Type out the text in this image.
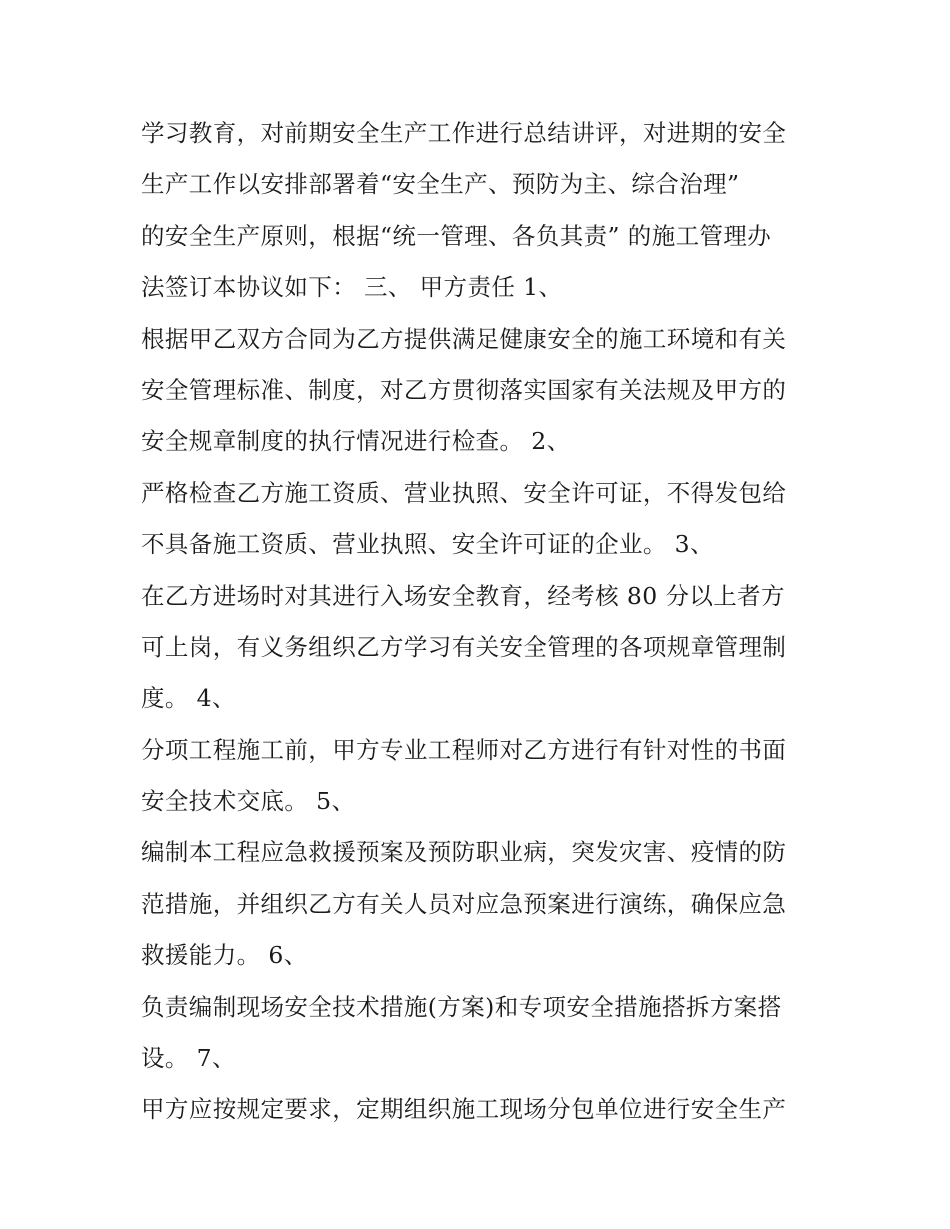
学习教育，对前期安全生产工作进行总结讲评，对进期的安全
生产工作以安排部署着“安全生产、预防为主、综合治理”
的安全生产原则，根据“统一管理、各负其责” 的施工管理办
法签订本协议如下： 三、 甲方责任 1、
根据甲乙双方合同为乙方提供满足健康安全的施工环境和有关
安全管理标准、制度，对乙方贯彻落实国家有关法规及甲方的
安全规章制度的执行情况进行检查。 2、
严格检查乙方施工资质、营业执照、安全许可证，不得发包给
不具备施工资质、营业执照、安全许可证的企业。 3、
在乙方进场时对其进行入场安全教育，经考核 80 分以上者方
可上岗，有义务组织乙方学习有关安全管理的各项规章管理制
度。 4、
分项工程施工前，甲方专业工程师对乙方进行有针对性的书面
安全技术交底。 5、
编制本工程应急救援预案及预防职业病，突发灾害、疫情的防
范措施，并组织乙方有关人员对应急预案进行演练，确保应急
救援能力。 6、
负责编制现场安全技术措施(方案)和专项安全措施搭拆方案搭
设。 7、
甲方应按规定要求，定期组织施工现场分包单位进行安全生产
